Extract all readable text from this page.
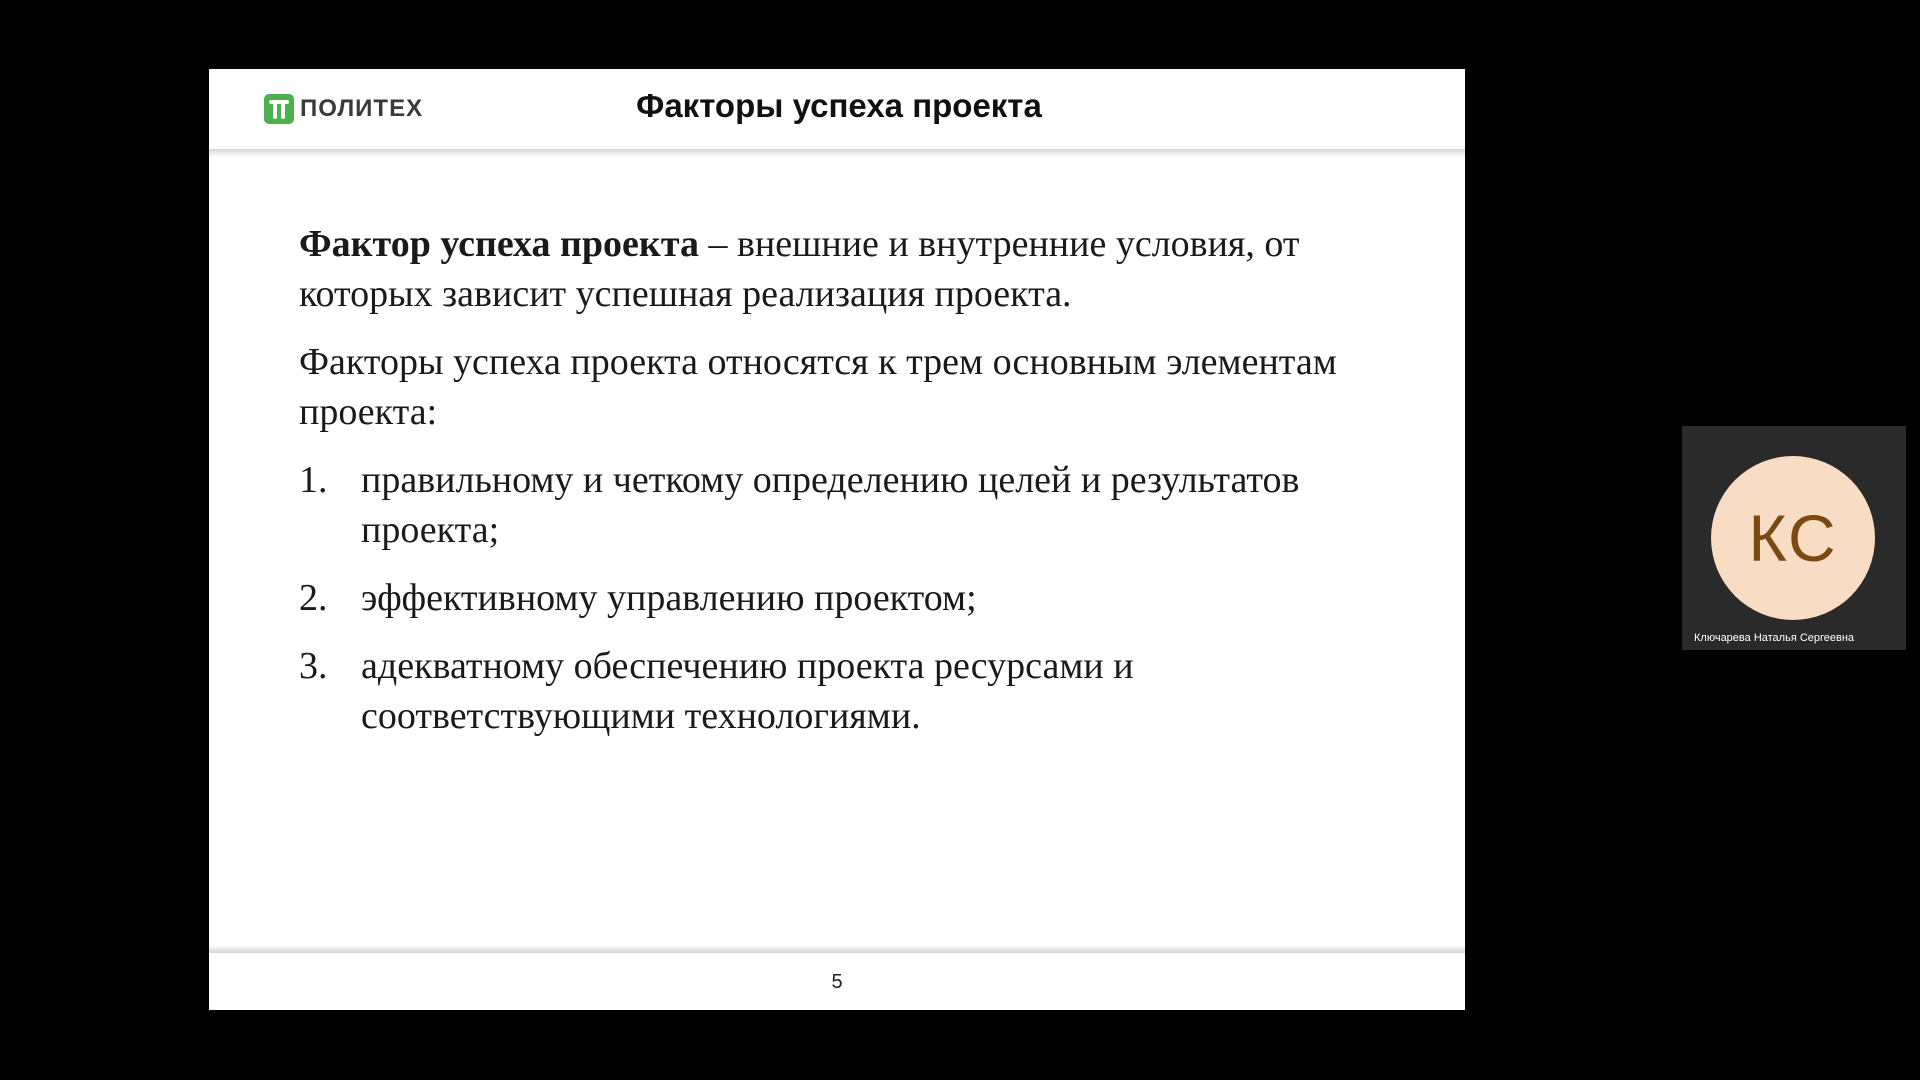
ПОЛИТЕХ	Факторы успеха проекта

Фактор успеха проекта – внешние и внутренние условия, от которых зависит успешная реализация проекта.

Факторы успеха проекта относятся к трем основным элементам проекта:

1. правильному и четкому определению целей и результатов проекта;
2. эффективному управлению проектом;
3. адекватному обеспечению проекта ресурсами и соответствующими технологиями.
5
КС
Ключарева Наталья Сергеевна
